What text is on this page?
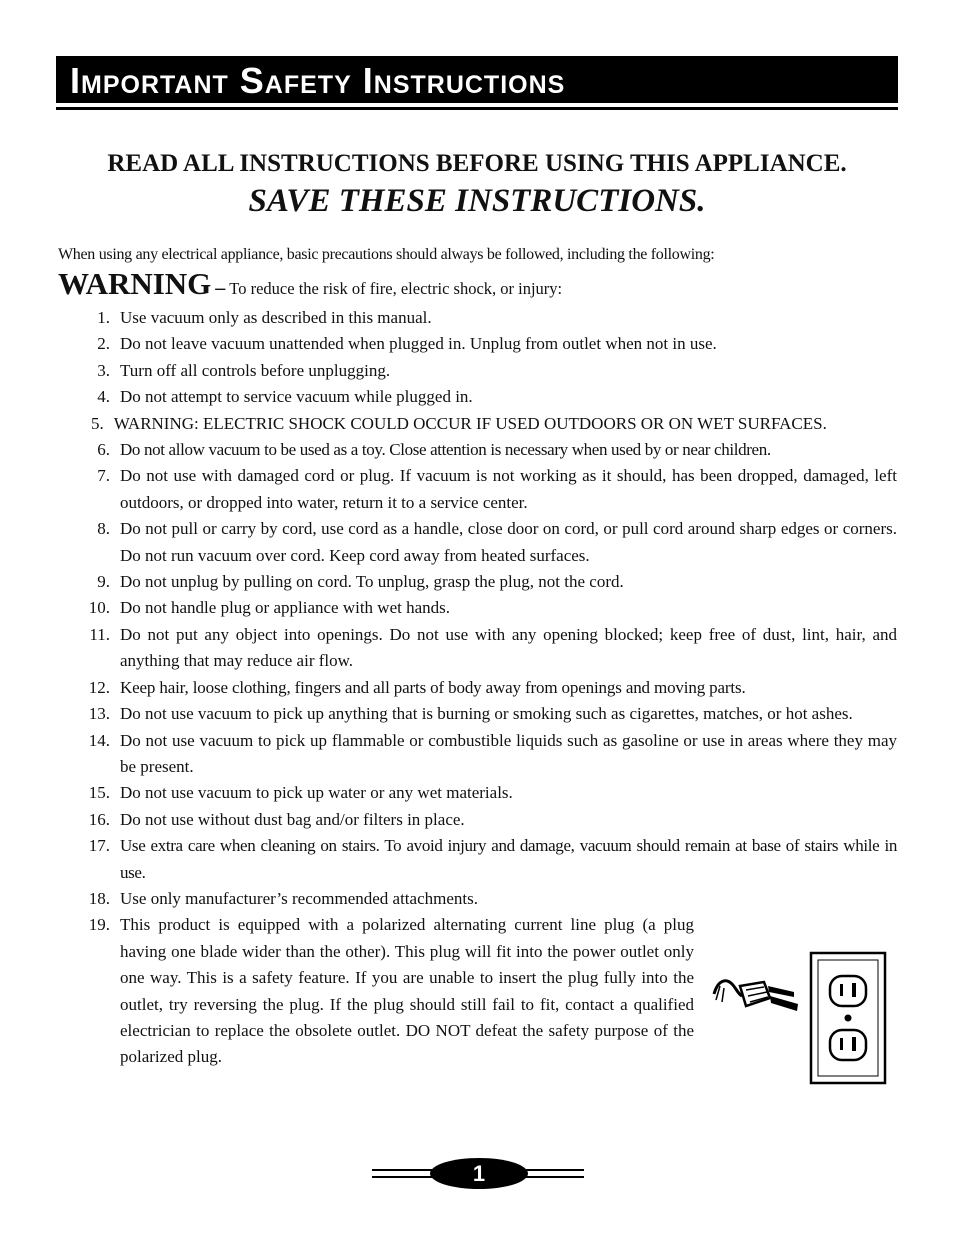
Important Safety Instructions
READ ALL INSTRUCTIONS BEFORE USING THIS APPLIANCE.
SAVE THESE INSTRUCTIONS.
When using any electrical appliance, basic precautions should always be followed, including the following:
WARNING – To reduce the risk of fire, electric shock, or injury:
1. Use vacuum only as described in this manual.
2. Do not leave vacuum unattended when plugged in. Unplug from outlet when not in use.
3. Turn off all controls before unplugging.
4. Do not attempt to service vacuum while plugged in.
5. WARNING: ELECTRIC SHOCK COULD OCCUR IF USED OUTDOORS OR ON WET SURFACES.
6. Do not allow vacuum to be used as a toy. Close attention is necessary when used by or near children.
7. Do not use with damaged cord or plug. If vacuum is not working as it should, has been dropped, damaged, left outdoors, or dropped into water, return it to a service center.
8. Do not pull or carry by cord, use cord as a handle, close door on cord, or pull cord around sharp edges or corners. Do not run vacuum over cord. Keep cord away from heated surfaces.
9. Do not unplug by pulling on cord. To unplug, grasp the plug, not the cord.
10. Do not handle plug or appliance with wet hands.
11. Do not put any object into openings. Do not use with any opening blocked; keep free of dust, lint, hair, and anything that may reduce air flow.
12. Keep hair, loose clothing, fingers and all parts of body away from openings and moving parts.
13. Do not use vacuum to pick up anything that is burning or smoking such as cigarettes, matches, or hot ashes.
14. Do not use vacuum to pick up flammable or combustible liquids such as gasoline or use in areas where they may be present.
15. Do not use vacuum to pick up water or any wet materials.
16. Do not use without dust bag and/or filters in place.
17. Use extra care when cleaning on stairs. To avoid injury and damage, vacuum should remain at base of stairs while in use.
18. Use only manufacturer’s recommended attachments.
19. This product is equipped with a polarized alternating current line plug (a plug having one blade wider than the other). This plug will fit into the power outlet only one way. This is a safety feature. If you are unable to insert the plug fully into the outlet, try reversing the plug. If the plug should still fail to fit, contact a qualified electrician to replace the obsolete outlet. DO NOT defeat the safety purpose of the polarized plug.
1
